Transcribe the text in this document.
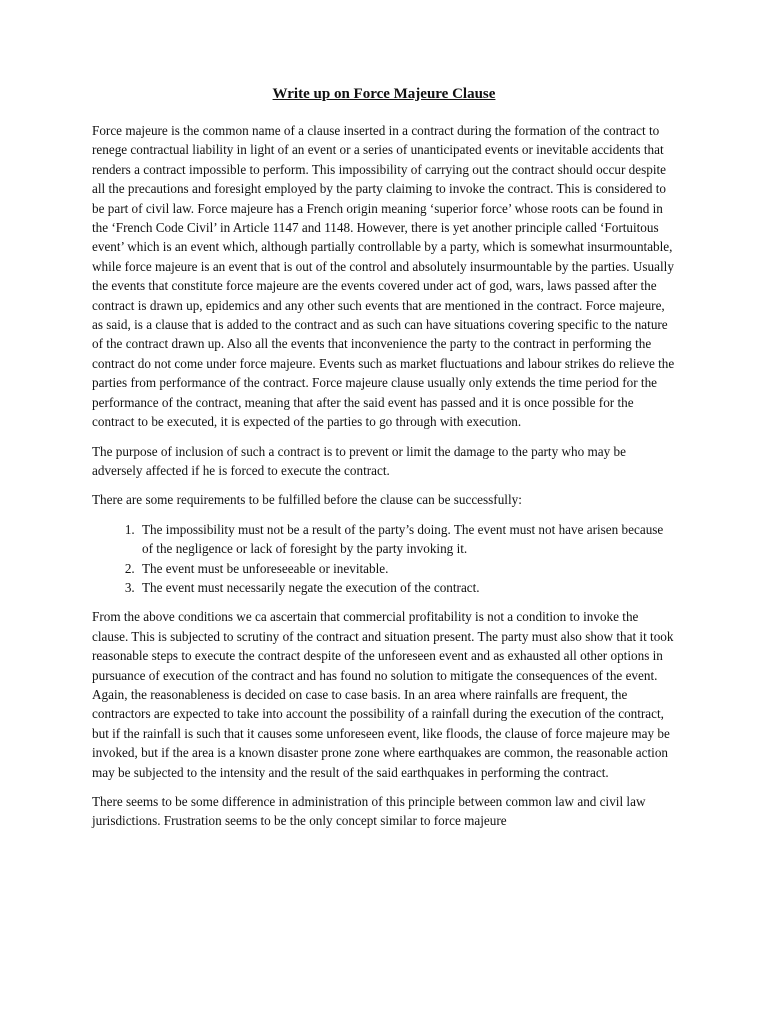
Write up on Force Majeure Clause

Force majeure is the common name of a clause inserted in a contract during the formation of the contract to renege contractual liability in light of an event or a series of unanticipated events or inevitable accidents that renders a contract impossible to perform. This impossibility of carrying out the contract should occur despite all the precautions and foresight employed by the party claiming to invoke the contract. This is considered to be part of civil law. Force majeure has a French origin meaning ‘superior force’ whose roots can be found in the ‘French Code Civil’ in Article 1147 and 1148. However, there is yet another principle called ‘Fortuitous event’ which is an event which, although partially controllable by a party, which is somewhat insurmountable, while force majeure is an event that is out of the control and absolutely insurmountable by the parties. Usually the events that constitute force majeure are the events covered under act of god, wars, laws passed after the contract is drawn up, epidemics and any other such events that are mentioned in the contract. Force majeure, as said, is a clause that is added to the contract and as such can have situations covering specific to the nature of the contract drawn up. Also all the events that inconvenience the party to the contract in performing the contract do not come under force majeure. Events such as market fluctuations and labour strikes do relieve the parties from performance of the contract. Force majeure clause usually only extends the time period for the performance of the contract, meaning that after the said event has passed and it is once possible for the contract to be executed, it is expected of the parties to go through with execution.

The purpose of inclusion of such a contract is to prevent or limit the damage to the party who may be adversely affected if he is forced to execute the contract.

There are some requirements to be fulfilled before the clause can be successfully:

1. The impossibility must not be a result of the party’s doing. The event must not have arisen because of the negligence or lack of foresight by the party invoking it.
2. The event must be unforeseeable or inevitable.
3. The event must necessarily negate the execution of the contract.

From the above conditions we ca ascertain that commercial profitability is not a condition to invoke the clause. This is subjected to scrutiny of the contract and situation present. The party must also show that it took reasonable steps to execute the contract despite of the unforeseen event and as exhausted all other options in pursuance of execution of the contract and has found no solution to mitigate the consequences of the event. Again, the reasonableness is decided on case to case basis. In an area where rainfalls are frequent, the contractors are expected to take into account the possibility of a rainfall during the execution of the contract, but if the rainfall is such that it causes some unforeseen event, like floods, the clause of force majeure may be invoked, but if the area is a known disaster prone zone where earthquakes are common, the reasonable action may be subjected to the intensity and the result of the said earthquakes in performing the contract.

There seems to be some difference in administration of this principle between common law and civil law jurisdictions. Frustration seems to be the only concept similar to force majeure
